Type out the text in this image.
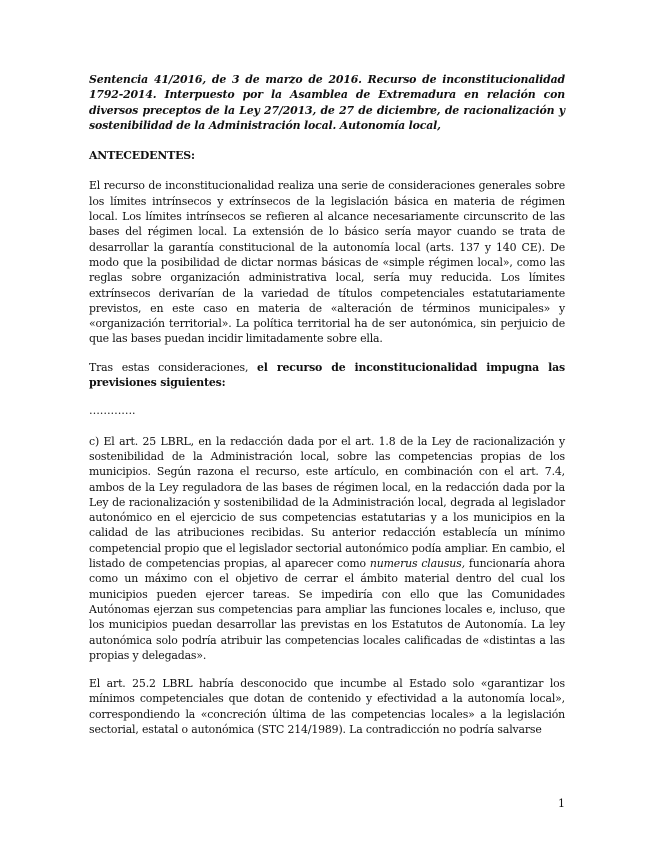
Sentencia 41/2016, de 3 de marzo de 2016. Recurso de inconstitucionalidad 1792-2014. Interpuesto por la Asamblea de Extremadura en relación con diversos preceptos de la Ley 27/2013, de 27 de diciembre, de racionalización y sostenibilidad de la Administración local. Autonomía local,

ANTECEDENTES:

El recurso de inconstitucionalidad realiza una serie de consideraciones generales sobre los límites intrínsecos y extrínsecos de la legislación básica en materia de régimen local. Los límites intrínsecos se refieren al alcance necesariamente circunscrito de las bases del régimen local. La extensión de lo básico sería mayor cuando se trata de desarrollar la garantía constitucional de la autonomía local (arts. 137 y 140 CE). De modo que la posibilidad de dictar normas básicas de «simple régimen local», como las reglas sobre organización administrativa local, sería muy reducida. Los límites extrínsecos derivarían de la variedad de títulos competenciales estatutariamente previstos, en este caso en materia de «alteración de términos municipales» y «organización territorial». La política territorial ha de ser autonómica, sin perjuicio de que las bases puedan incidir limitadamente sobre ella.

Tras estas consideraciones, el recurso de inconstitucionalidad impugna las previsiones siguientes:

………….

c) El art. 25 LBRL, en la redacción dada por el art. 1.8 de la Ley de racionalización y sostenibilidad de la Administración local, sobre las competencias propias de los municipios. Según razona el recurso, este artículo, en combinación con el art. 7.4, ambos de la Ley reguladora de las bases de régimen local, en la redacción dada por la Ley de racionalización y sostenibilidad de la Administración local, degrada al legislador autonómico en el ejercicio de sus competencias estatutarias y a los municipios en la calidad de las atribuciones recibidas. Su anterior redacción establecía un mínimo competencial propio que el legislador sectorial autonómico podía ampliar. En cambio, el listado de competencias propias, al aparecer como numerus clausus, funcionaría ahora como un máximo con el objetivo de cerrar el ámbito material dentro del cual los municipios pueden ejercer tareas. Se impediría con ello que las Comunidades Autónomas ejerzan sus competencias para ampliar las funciones locales e, incluso, que los municipios puedan desarrollar las previstas en los Estatutos de Autonomía. La ley autonómica solo podría atribuir las competencias locales calificadas de «distintas a las propias y delegadas».

El art. 25.2 LBRL habría desconocido que incumbe al Estado solo «garantizar los mínimos competenciales que dotan de contenido y efectividad a la autonomía local», correspondiendo la «concreción última de las competencias locales» a la legislación sectorial, estatal o autonómica (STC 214/1989). La contradicción no podría salvarse

1
